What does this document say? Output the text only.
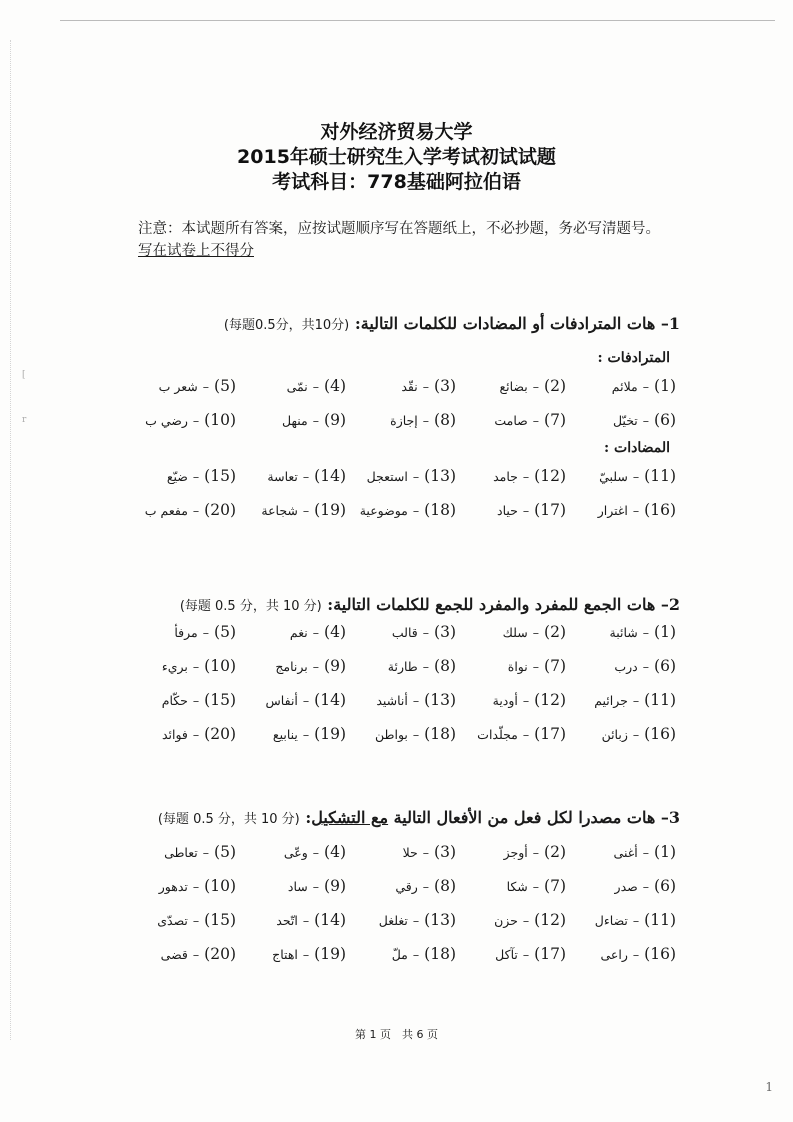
[
r
对外经济贸易大学
2015年硕士研究生入学考试初试试题
考试科目：778基础阿拉伯语
注意：本试题所有答案，应按试题顺序写在答题纸上，不必抄题，务必写清题号。
写在试卷上不得分
1– هات المترادفات أو المضادات للكلمات التالية: (每题0.5分，共10分)
المترادفات :
(1)–ملائم
(2)–بضائع
(3)–نقّد
(4)–نمّى
(5)–شعر ب
(6)–تخيّل
(7)–صامت
(8)–إجازة
(9)–منهل
(10)–رضي ب
المضادات :
(11)–سلبيّ
(12)–جامد
(13)–استعجل
(14)–تعاسة
(15)–ضيّع
(16)–اغترار
(17)–حياد
(18)–موضوعية
(19)–شجاعة
(20)–مفعم ب
2– هات الجمع للمفرد والمفرد للجمع للكلمات التالية: (每题 0.5 分，共 10 分)
(1)–شائبة
(2)–سلك
(3)–قالب
(4)–نغم
(5)–مرفأ
(6)–درب
(7)–نواة
(8)–طارئة
(9)–برنامج
(10)–بريء
(11)–جرائيم
(12)–أودية
(13)–أناشيد
(14)–أنفاس
(15)–حكّام
(16)–زبائن
(17)–مجلّدات
(18)–بواطن
(19)–ينابيع
(20)–فوائد
3– هات مصدرا لكل فعل من الأفعال التالية مع التشكيل: (每题 0.5 分，共 10 分)
(1)–أغنى
(2)–أوجز
(3)–حلا
(4)–وعّى
(5)–تعاطى
(6)–صدر
(7)–شكا
(8)–رقي
(9)–ساد
(10)–تدهور
(11)–تضاءل
(12)–حزن
(13)–تغلغل
(14)–اتّحد
(15)–تصدّى
(16)–راعى
(17)–تآكل
(18)–ملّ
(19)–اهتاج
(20)–قضى
第 1 页　共 6 页
1
